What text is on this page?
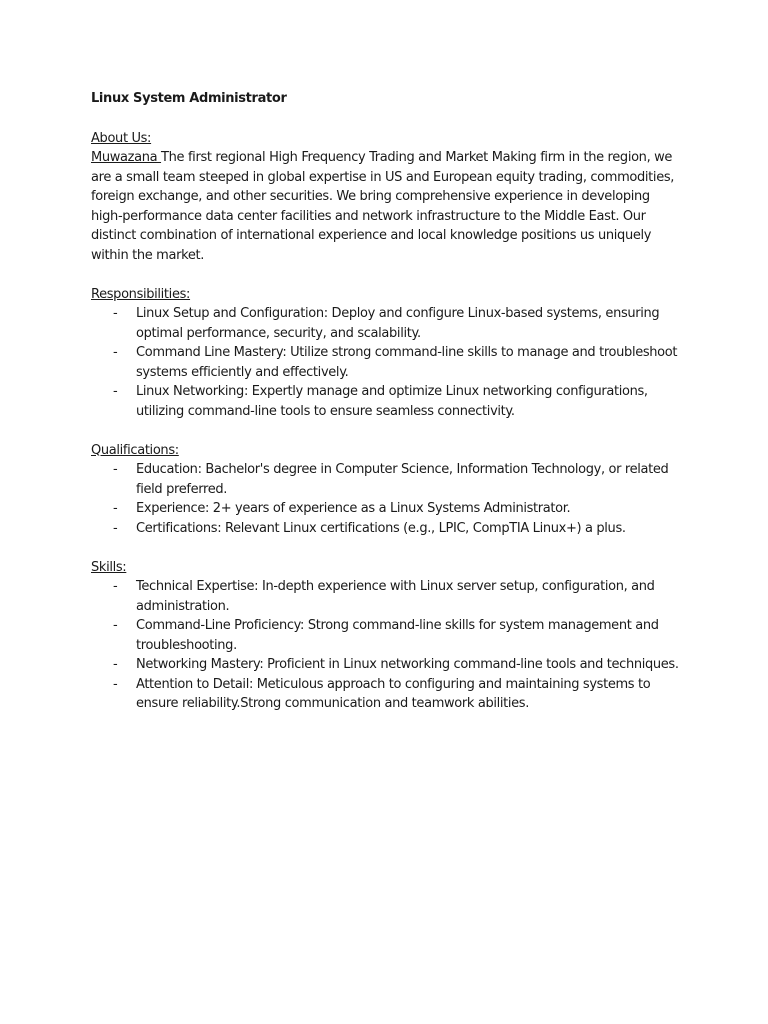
Linux System Administrator

About Us:

Muwazana The first regional High Frequency Trading and Market Making firm in the region, we are a small team steeped in global expertise in US and European equity trading, commodities, foreign exchange, and other securities. We bring comprehensive experience in developing high-performance data center facilities and network infrastructure to the Middle East. Our distinct combination of international experience and local knowledge positions us uniquely within the market.

Responsibilities:

- Linux Setup and Configuration: Deploy and configure Linux-based systems, ensuring optimal performance, security, and scalability.
- Command Line Mastery: Utilize strong command-line skills to manage and troubleshoot systems efficiently and effectively.
- Linux Networking: Expertly manage and optimize Linux networking configurations, utilizing command-line tools to ensure seamless connectivity.

Qualifications:

- Education: Bachelor's degree in Computer Science, Information Technology, or related field preferred.
- Experience: 2+ years of experience as a Linux Systems Administrator.
- Certifications: Relevant Linux certifications (e.g., LPIC, CompTIA Linux+) a plus.

Skills:

- Technical Expertise: In-depth experience with Linux server setup, configuration, and administration.
- Command-Line Proficiency: Strong command-line skills for system management and troubleshooting.
- Networking Mastery: Proficient in Linux networking command-line tools and techniques.
- Attention to Detail: Meticulous approach to configuring and maintaining systems to ensure reliability.Strong communication and teamwork abilities.
